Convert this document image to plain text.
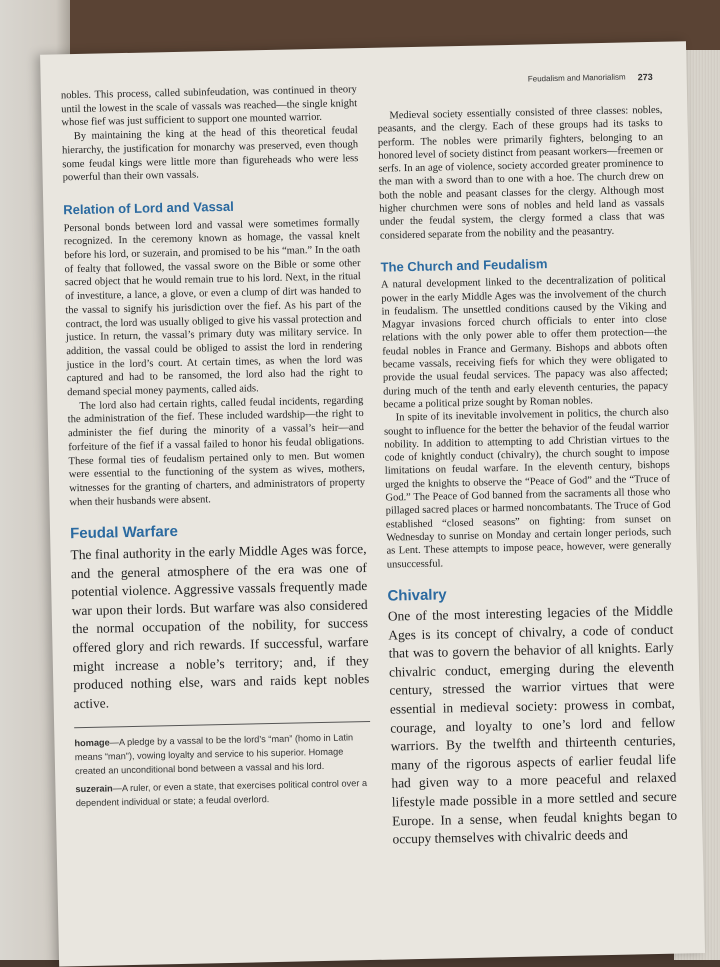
Feudalism and Manorialism 273

nobles. This process, called subinfeudation, was continued in theory until the lowest in the scale of vassals was reached—the single knight whose fief was just sufficient to support one mounted warrior.

By maintaining the king at the head of this theoretical feudal hierarchy, the justification for monarchy was preserved, even though some feudal kings were little more than figureheads who were less powerful than their own vassals.

Relation of Lord and Vassal

Personal bonds between lord and vassal were sometimes formally recognized. In the ceremony known as homage, the vassal knelt before his lord, or suzerain, and promised to be his “man.” In the oath of fealty that followed, the vassal swore on the Bible or some other sacred object that he would remain true to his lord. Next, in the ritual of investiture, a lance, a glove, or even a clump of dirt was handed to the vassal to signify his jurisdiction over the fief. As his part of the contract, the lord was usually obliged to give his vassal protection and justice. In return, the vassal’s primary duty was military service. In addition, the vassal could be obliged to assist the lord in rendering justice in the lord’s court. At certain times, as when the lord was captured and had to be ransomed, the lord also had the right to demand special money payments, called aids.

The lord also had certain rights, called feudal incidents, regarding the administration of the fief. These included wardship—the right to administer the fief during the minority of a vassal’s heir—and forfeiture of the fief if a vassal failed to honor his feudal obligations. These formal ties of feudalism pertained only to men. But women were essential to the functioning of the system as wives, mothers, witnesses for the granting of charters, and administrators of property when their husbands were absent.

Feudal Warfare

The final authority in the early Middle Ages was force, and the general atmosphere of the era was one of potential violence. Aggressive vassals frequently made war upon their lords. But warfare was also considered the normal occupation of the nobility, for success offered glory and rich rewards. If successful, warfare might increase a noble’s territory; and, if they produced nothing else, wars and raids kept nobles active.

homage—A pledge by a vassal to be the lord’s “man” (homo in Latin means “man”), vowing loyalty and service to his superior. Homage created an unconditional bond between a vassal and his lord.

suzerain—A ruler, or even a state, that exercises political control over a dependent individual or state; a feudal overlord.

Medieval society essentially consisted of three classes: nobles, peasants, and the clergy. Each of these groups had its tasks to perform. The nobles were primarily fighters, belonging to an honored level of society distinct from peasant workers—freemen or serfs. In an age of violence, society accorded greater prominence to the man with a sword than to one with a hoe. The church drew on both the noble and peasant classes for the clergy. Although most higher churchmen were sons of nobles and held land as vassals under the feudal system, the clergy formed a class that was considered separate from the nobility and the peasantry.

The Church and Feudalism

A natural development linked to the decentralization of political power in the early Middle Ages was the involvement of the church in feudalism. The unsettled conditions caused by the Viking and Magyar invasions forced church officials to enter into close relations with the only power able to offer them protection—the feudal nobles in France and Germany. Bishops and abbots often became vassals, receiving fiefs for which they were obligated to provide the usual feudal services. The papacy was also affected; during much of the tenth and early eleventh centuries, the papacy became a political prize sought by Roman nobles.

In spite of its inevitable involvement in politics, the church also sought to influence for the better the behavior of the feudal warrior nobility. In addition to attempting to add Christian virtues to the code of knightly conduct (chivalry), the church sought to impose limitations on feudal warfare. In the eleventh century, bishops urged the knights to observe the “Peace of God” and the “Truce of God.” The Peace of God banned from the sacraments all those who pillaged sacred places or harmed noncombatants. The Truce of God established “closed seasons” on fighting: from sunset on Wednesday to sunrise on Monday and certain longer periods, such as Lent. These attempts to impose peace, however, were generally unsuccessful.

Chivalry

One of the most interesting legacies of the Middle Ages is its concept of chivalry, a code of conduct that was to govern the behavior of all knights. Early chivalric conduct, emerging during the eleventh century, stressed the warrior virtues that were essential in medieval society: prowess in combat, courage, and loyalty to one’s lord and fellow warriors. By the twelfth and thirteenth centuries, many of the rigorous aspects of earlier feudal life had given way to a more peaceful and relaxed lifestyle made possible in a more settled and secure Europe. In a sense, when feudal knights began to occupy themselves with chivalric deeds and
